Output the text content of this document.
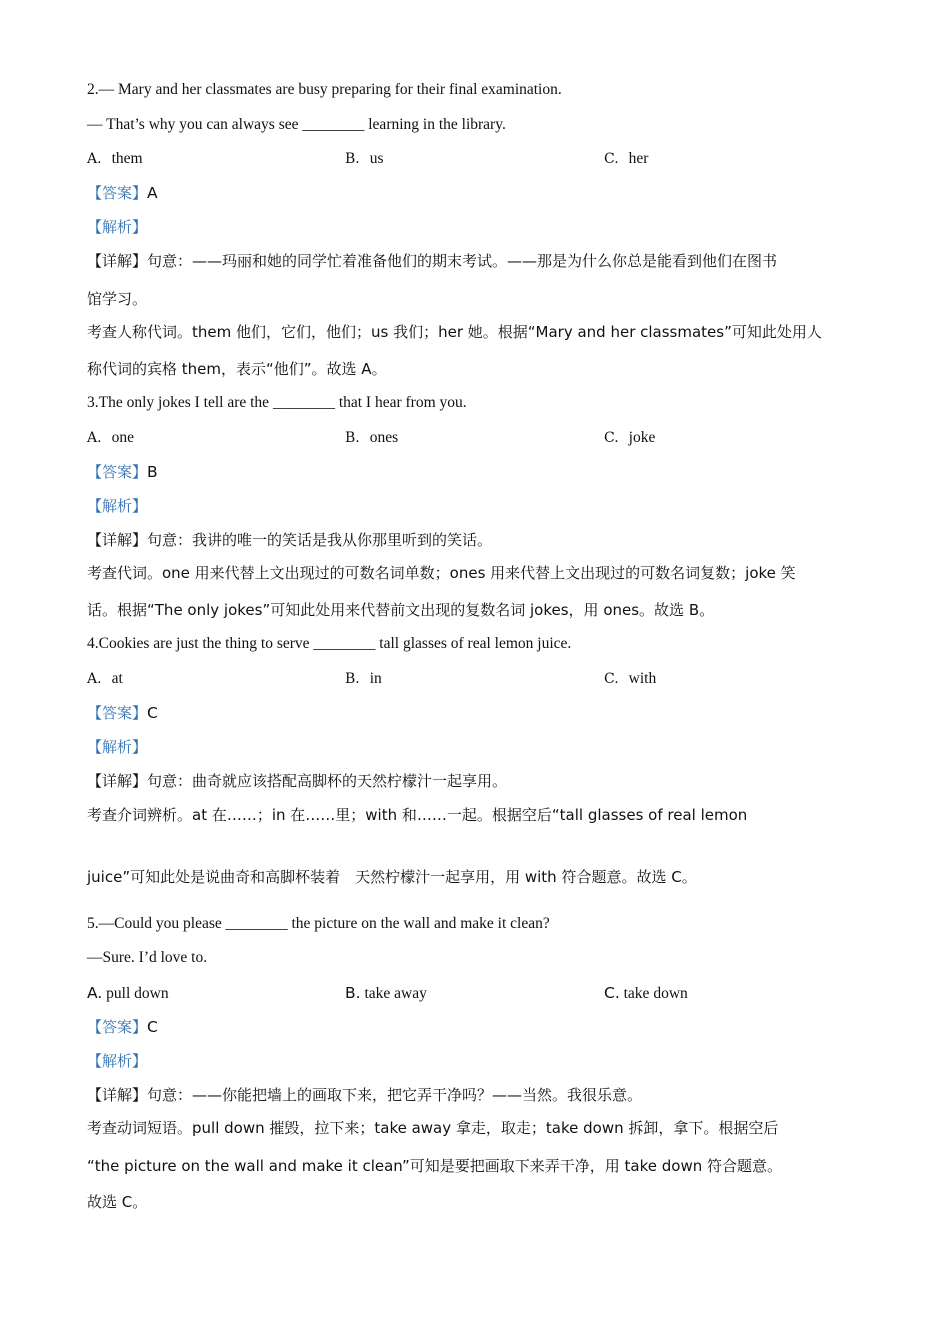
2.— Mary and her classmates are busy preparing for their final examination.
— That’s why you can always see ________ learning in the library.
A. them	B. us	C. her
【答案】A
【解析】
【详解】句意：——玛丽和她的同学忙着准备他们的期末考试。——那是为什么你总是能看到他们在图书
馆学习。
考查人称代词。them 他们，它们，他们；us 我们；her 她。根据“Mary and her classmates”可知此处用人
称代词的宾格 them，表示“他们”。故选 A。
3.The only jokes I tell are the ________ that I hear from you.
A. one	B. ones	C. joke
【答案】B
【解析】
【详解】句意：我讲的唯一的笑话是我从你那里听到的笑话。
考查代词。one 用来代替上文出现过的可数名词单数；ones 用来代替上文出现过的可数名词复数；joke 笑
话。根据“The only jokes”可知此处用来代替前文出现的复数名词 jokes，用 ones。故选 B。
4.Cookies are just the thing to serve ________ tall glasses of real lemon juice.
A. at	B. in	C. with
【答案】C
【解析】
【详解】句意：曲奇就应该搭配高脚杯的天然柠檬汁一起享用。
考查介词辨析。at 在……；in 在……里；with 和……一起。根据空后“tall glasses of real lemon
juice”可知此处是说曲奇和高脚杯装着　天然柠檬汁一起享用，用 with 符合题意。故选 C。
5.—Could you please ________ the picture on the wall and make it clean?
—Sure. I’d love to.
A. pull down	B. take away	C. take down
【答案】C
【解析】
【详解】句意：——你能把墙上的画取下来，把它弄干净吗？——当然。我很乐意。
考查动词短语。pull down 摧毁，拉下来；take away 拿走，取走；take down 拆卸，拿下。根据空后
“the picture on the wall and make it clean”可知是要把画取下来弄干净，用 take down 符合题意。
故选 C。
